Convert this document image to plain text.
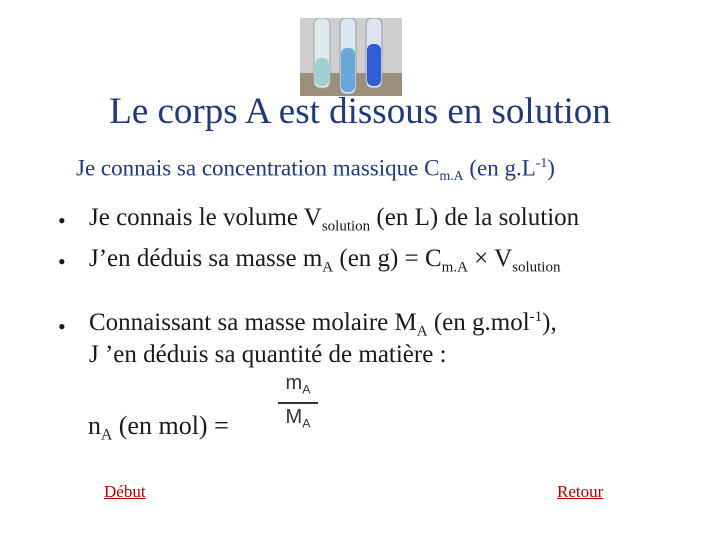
Le corps A est dissous en solution
Je connais sa concentration massique $C_{m.A}$ (en $g.L^{-1}$)
• Je connais le volume $V_{solution}$ (en L) de la solution
• J’en déduis sa masse $m_A$ (en $g) = C_{m.A} \times V_{solution}$
• Connaissant sa masse molaire $M_A$ (en g.mol$^{-1}$),
J ’en déduis sa quantité de matière :
$n_A$ (en mol) =
$m_A$
$M_A$
Début	Retour
